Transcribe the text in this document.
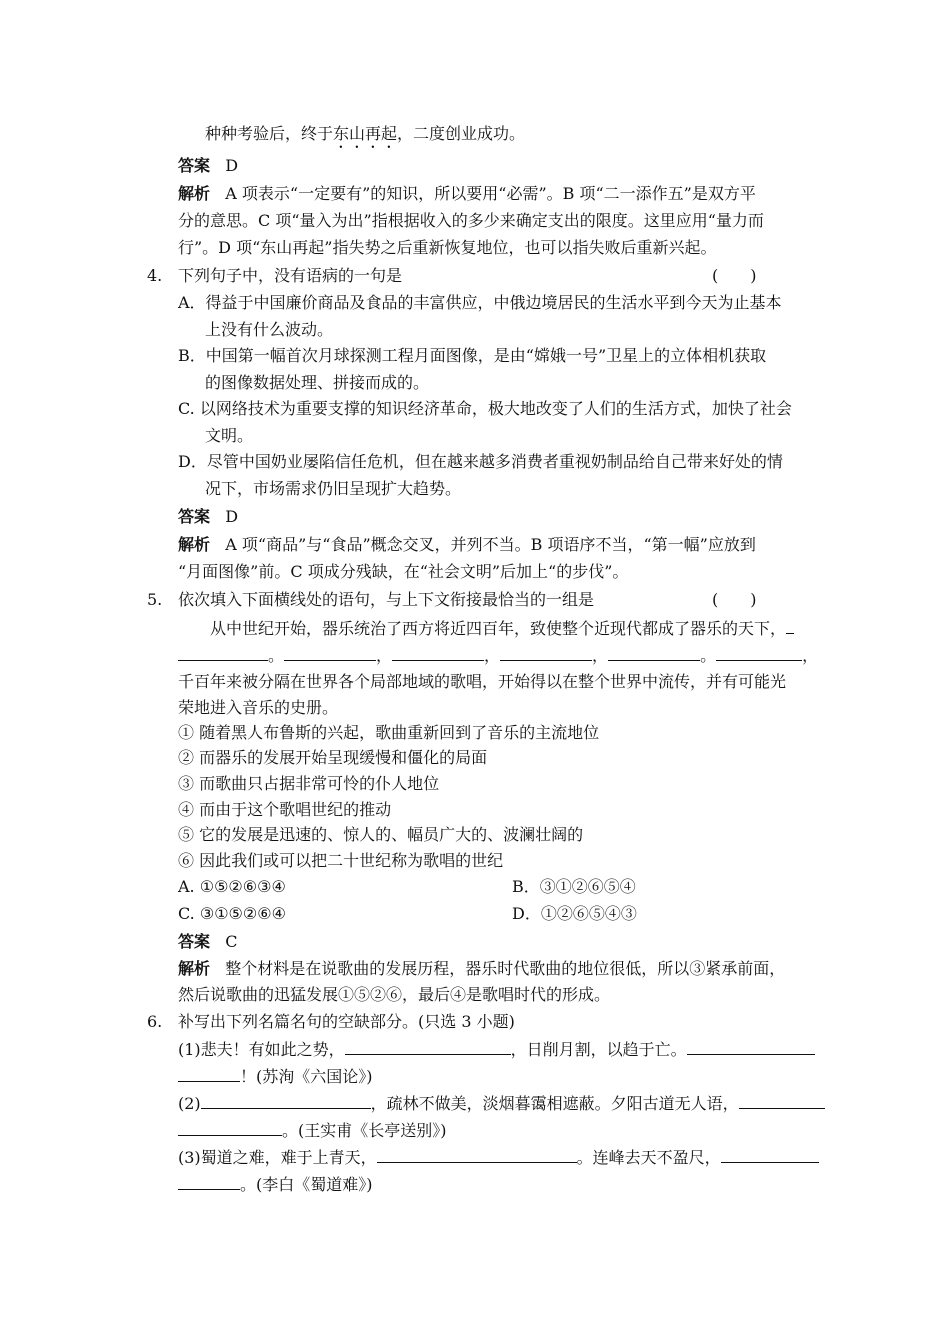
种种考验后，终于东山再起，二度创业成功。
答案 D
解析 A 项表示“一定要有”的知识，所以要用“必需”。B 项“二一添作五”是双方平
分的意思。C 项“量入为出”指根据收入的多少来确定支出的限度。这里应用“量力而
行”。D 项“东山再起”指失势之后重新恢复地位，也可以指失败后重新兴起。
4. 下列句子中，没有语病的一句是	(　　)
A．得益于中国廉价商品及食品的丰富供应，中俄边境居民的生活水平到今天为止基本
上没有什么波动。
B．中国第一幅首次月球探测工程月面图像，是由“嫦娥一号”卫星上的立体相机获取
的图像数据处理、拼接而成的。
C. 以网络技术为重要支撑的知识经济革命，极大地改变了人们的生活方式，加快了社会
文明。
D．尽管中国奶业屡陷信任危机，但在越来越多消费者重视奶制品给自己带来好处的情
况下，市场需求仍旧呈现扩大趋势。
答案 D
解析 A 项“商品”与“食品”概念交叉，并列不当。B 项语序不当，“第一幅”应放到
“月面图像”前。C 项成分残缺，在“社会文明”后加上“的步伐”。
5. 依次填入下面横线处的语句，与上下文衔接最恰当的一组是	(　　)
从中世纪开始，器乐统治了西方将近四百年，致使整个近现代都成了器乐的天下，
。	，	，	，	。	，
千百年来被分隔在世界各个局部地域的歌唱，开始得以在整个世界中流传，并有可能光
荣地进入音乐的史册。
① 随着黑人布鲁斯的兴起，歌曲重新回到了音乐的主流地位
② 而器乐的发展开始呈现缓慢和僵化的局面
③ 而歌曲只占据非常可怜的仆人地位
④ 而由于这个歌唱世纪的推动
⑤ 它的发展是迅速的、惊人的、幅员广大的、波澜壮阔的
⑥ 因此我们或可以把二十世纪称为歌唱的世纪
A. ①⑤②⑥③④	B．③①②⑥⑤④
C. ③①⑤②⑥④	D．①②⑥⑤④③
答案 C
解析 整个材料是在说歌曲的发展历程，器乐时代歌曲的地位很低，所以③紧承前面，
然后说歌曲的迅猛发展①⑤②⑥，最后④是歌唱时代的形成。
6. 补写出下列名篇名句的空缺部分。(只选 3 小题)
(1)悲夫！有如此之势，	，日削月割，以趋于亡。
！(苏洵《六国论》)
(2)	，疏林不做美，淡烟暮霭相遮蔽。夕阳古道无人语，
。(王实甫《长亭送别》)
(3)蜀道之难，难于上青天，	。连峰去天不盈尺，
。(李白《蜀道难》)
